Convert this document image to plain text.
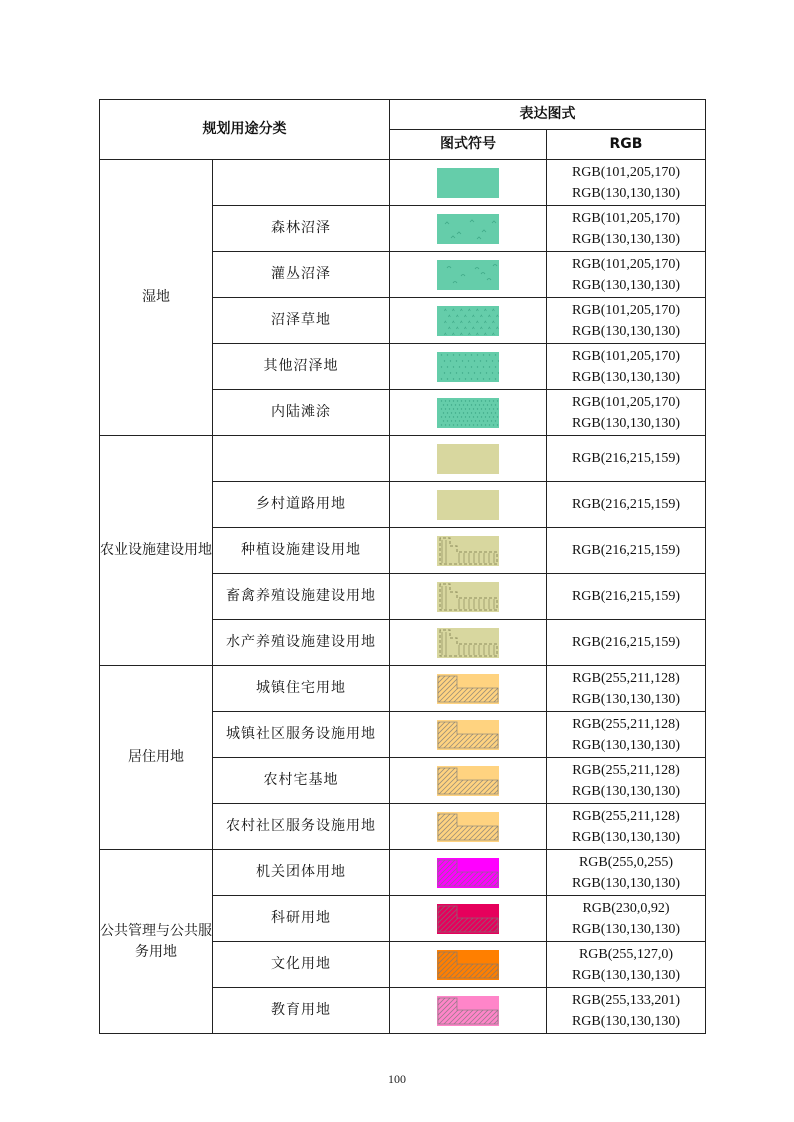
规划用途分类		表达图式	
		图式符号	RGB
湿地			RGB(101,205,170)
RGB(130,130,130)

	森林沼泽		RGB(101,205,170)
RGB(130,130,130)

	灌丛沼泽		RGB(101,205,170)
RGB(130,130,130)

	沼泽草地		RGB(101,205,170)
RGB(130,130,130)

	其他沼泽地		RGB(101,205,170)
RGB(130,130,130)

	内陆滩涂		RGB(101,205,170)
RGB(130,130,130)

农业设施建设用地			RGB(216,215,159)

	乡村道路用地		RGB(216,215,159)

	种植设施建设用地		RGB(216,215,159)

	畜禽养殖设施建设用地		RGB(216,215,159)

	水产养殖设施建设用地		RGB(216,215,159)

居住用地	城镇住宅用地		RGB(255,211,128)
RGB(130,130,130)

	城镇社区服务设施用地		RGB(255,211,128)
RGB(130,130,130)

	农村宅基地		RGB(255,211,128)
RGB(130,130,130)

	农村社区服务设施用地		RGB(255,211,128)
RGB(130,130,130)

公共管理与公共服务用地	机关团体用地		RGB(255,0,255)
RGB(130,130,130)

	科研用地		RGB(230,0,92)
RGB(130,130,130)

	文化用地		RGB(255,127,0)
RGB(130,130,130)

	教育用地		RGB(255,133,201)
RGB(130,130,130)
100
